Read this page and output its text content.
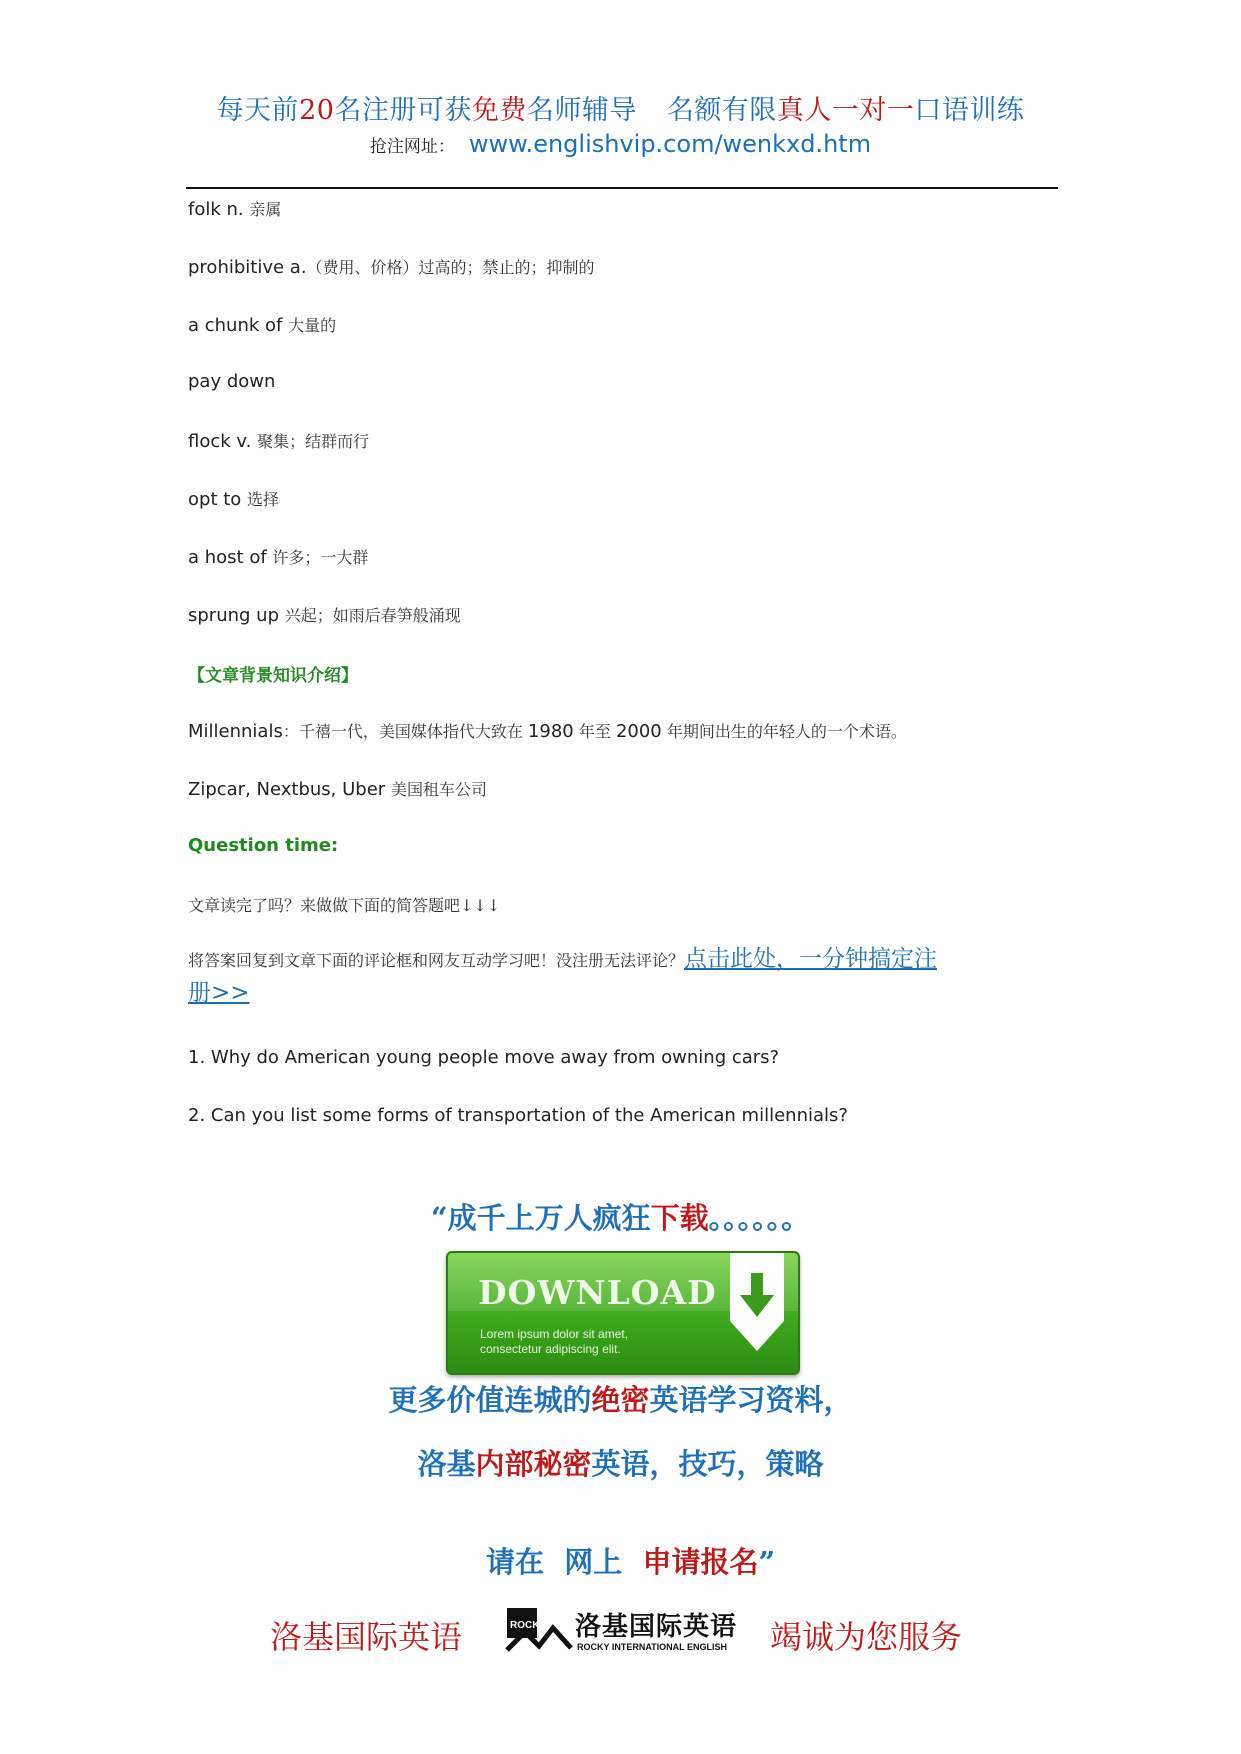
每天前20名注册可获免费名师辅导 名额有限真人一对一口语训练
抢注网址： www.englishvip.com/wenkxd.htm
folk n. 亲属
prohibitive a.（费用、价格）过高的；禁止的；抑制的
a chunk of 大量的
pay down
flock v. 聚集；结群而行
opt to 选择
a host of 许多；一大群
sprung up 兴起；如雨后春笋般涌现
【文章背景知识介绍】
Millennials：千禧一代，美国媒体指代大致在 1980 年至 2000 年期间出生的年轻人的一个术语。
Zipcar, Nextbus, Uber 美国租车公司
Question time:
文章读完了吗？来做做下面的简答题吧↓↓↓
将答案回复到文章下面的评论框和网友互动学习吧！没注册无法评论？点击此处，一分钟搞定注
册>>
1. Why do American young people move away from owning cars?
2. Can you list some forms of transportation of the American millennials?
“成千上万人疯狂下载。。。。。。
DOWNLOAD
Lorem ipsum dolor sit amet,
consectetur adipiscing elit.
更多价值连城的绝密英语学习资料，
洛基内部秘密英语，技巧，策略

请在  网上  申请报名”

洛基国际英语	ROCKY 洛基国际英语
ROCKY INTERNATIONAL ENGLISH 竭诚为您服务
